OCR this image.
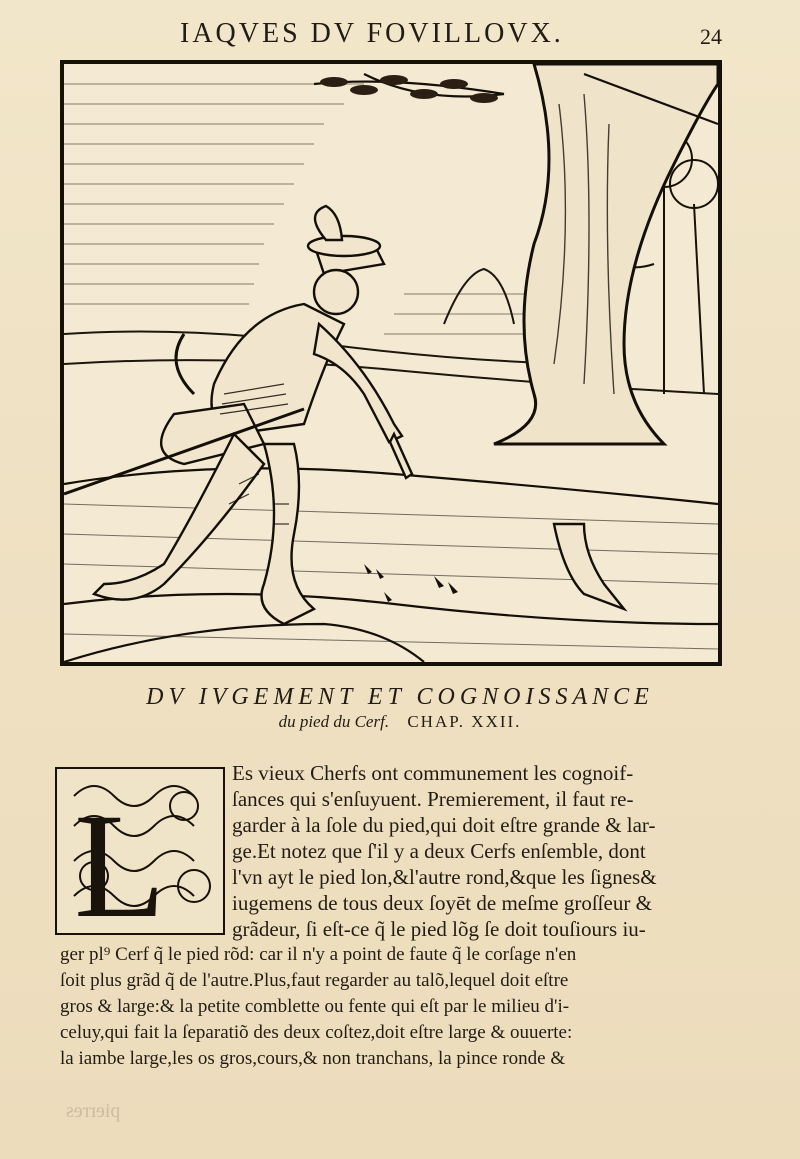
IAQVES DV FOVILLOVX.	24
DV IVGEMENT ET COGNOISSANCE
du pied du Cerf. CHAP. XXII.
L
Es vieux Cherfs ont communement les cognoif-
ſances qui s'enſuyuent. Premierement, il faut re-
garder à la ſole du pied,qui doit eſtre grande & lar-
ge.Et notez que ſ'il y a deux Cerfs enſemble, dont
l'vn ayt le pied lon,&l'autre rond,&que les ſignes&
iugemens de tous deux ſoyēt de meſme groſſeur &
grãdeur, ſi eſt-ce q̃ le pied lõg ſe doit touſiours iu-
ger pl⁹ Cerf q̃ le pied rõd: car il n'y a point de faute q̃ le corſage n'en
ſoit plus grãd q̃ de l'autre.Plus,faut regarder au talõ,lequel doit eſtre
gros & large:& la petite comblette ou fente qui eſt par le milieu d'i-
celuy,qui fait la ſeparatiõ des deux coſtez,doit eſtre large & ouuerte:
la iambe large,les os gros,cours,& non tranchans, la pince ronde &
pierres
